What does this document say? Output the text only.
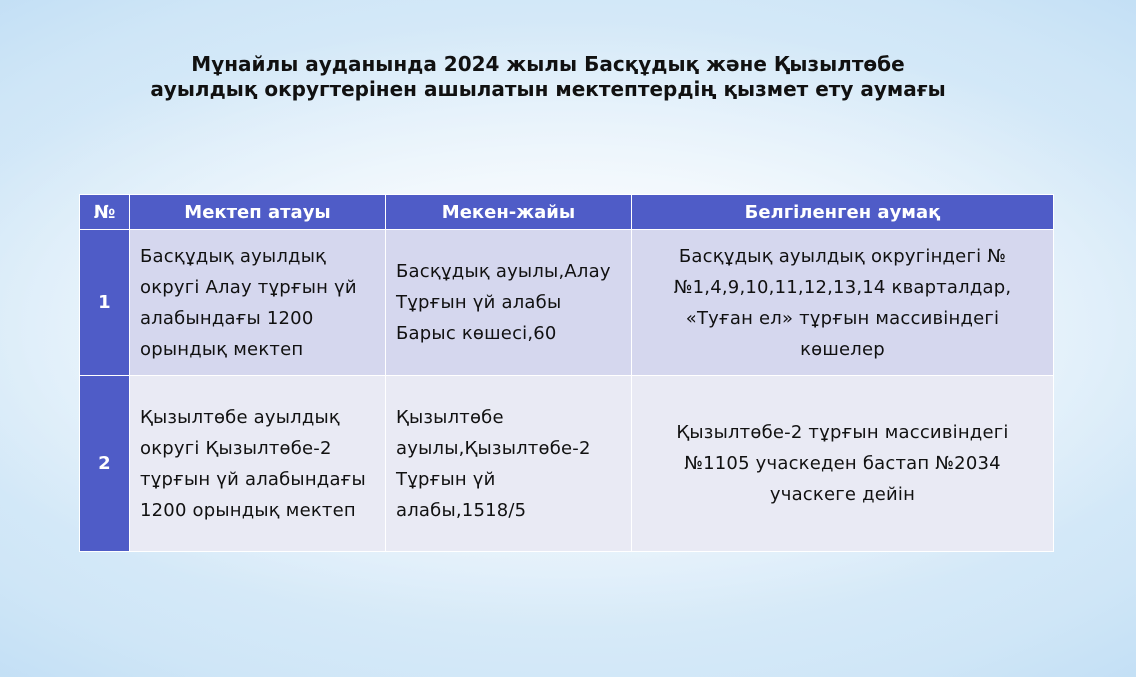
Мұнайлы ауданында 2024 жылы Басқұдық және Қызылтөбе ауылдық округтерінен ашылатын мектептердің қызмет ету аумағы
№	Мектеп атауы	Мекен-жайы	Белгіленген аумақ
1	Басқұдық ауылдық округі Алау тұрғын үй алабындағы 1200 орындық мектеп	Басқұдық ауылы,Алау Тұрғын үй алабы Барыс көшесі,60	Басқұдық ауылдық округіндегі №№1,4,9,10,11,12,13,14 кварталдар, «Туған ел» тұрғын массивіндегі көшелер
2	Қызылтөбе ауылдық округі Қызылтөбе-2 тұрғын үй алабындағы 1200 орындық мектеп	Қызылтөбе ауылы,Қызылтөбе-2 Тұрғын үй алабы,1518/5	Қызылтөбе-2 тұрғын массивіндегі №1105 учаскеден бастап №2034 учаскеге дейін
